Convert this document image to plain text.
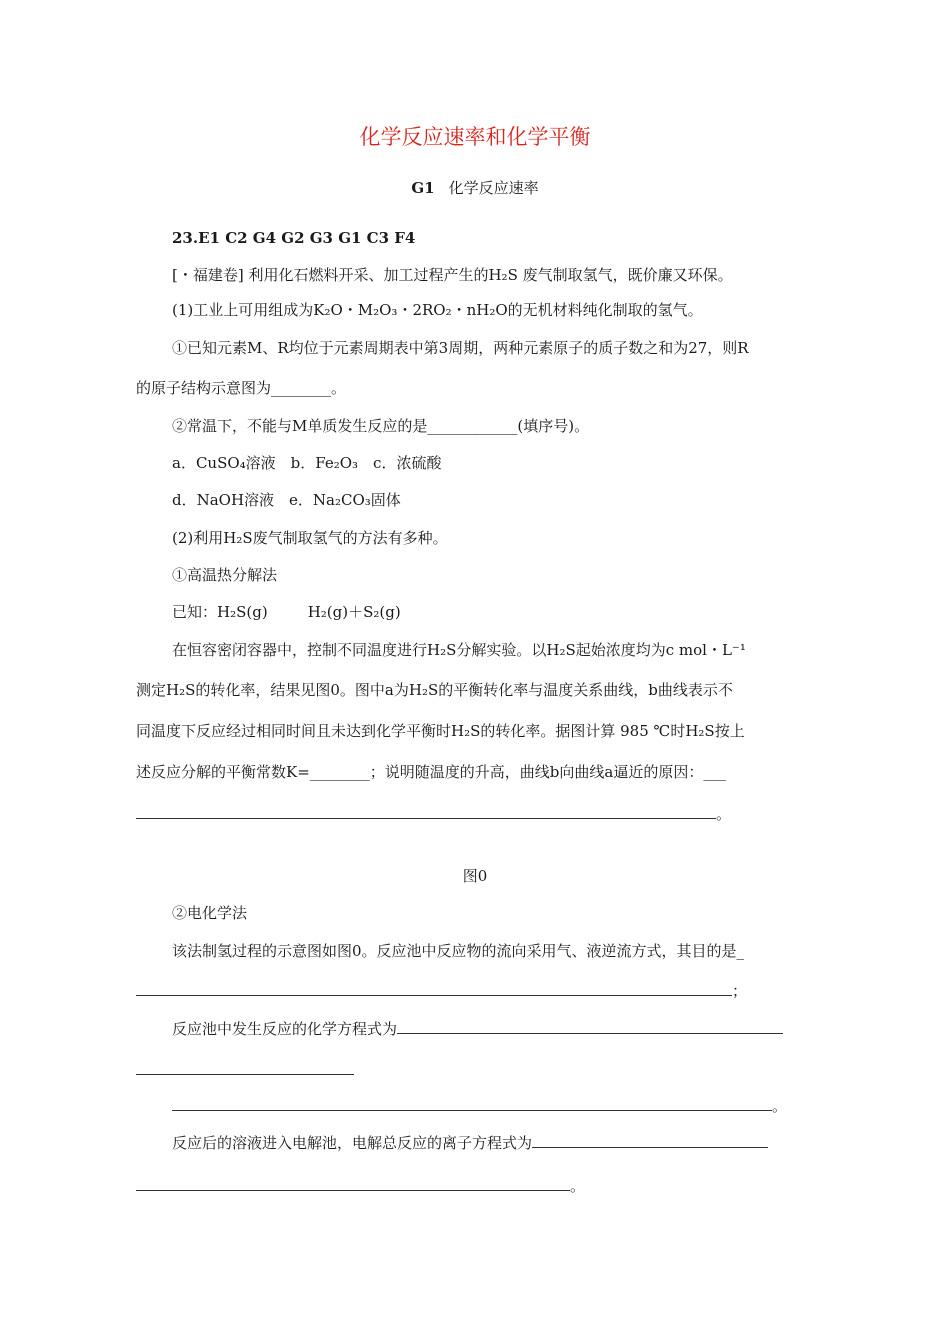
化学反应速率和化学平衡
G1 化学反应速率
23.E1 C2 G4 G2 G3 G1 C3 F4
[・福建卷] 利用化石燃料开采、加工过程产生的H₂S 废气制取氢气，既价廉又环保。
(1)工业上可用组成为K₂O・M₂O₃・2RO₂・nH₂O的无机材料纯化制取的氢气。
①已知元素M、R均位于元素周期表中第3周期，两种元素原子的质子数之和为27，则R
的原子结构示意图为________。
②常温下，不能与M单质发生反应的是____________(填序号)。
a．CuSO₄溶液　b．Fe₂O₃　c．浓硫酸
d．NaOH溶液　e．Na₂CO₃固体
(2)利用H₂S废气制取氢气的方法有多种。
①高温热分解法
已知：H₂S(g)	H₂(g)＋S₂(g)
在恒容密闭容器中，控制不同温度进行H₂S分解实验。以H₂S起始浓度均为c mol・L⁻¹
测定H₂S的转化率，结果见图0。图中a为H₂S的平衡转化率与温度关系曲线，b曲线表示不
同温度下反应经过相同时间且未达到化学平衡时H₂S的转化率。据图计算 985 ℃时H₂S按上
述反应分解的平衡常数K=________；说明随温度的升高，曲线b向曲线a逼近的原因：___
。
图0
②电化学法
该法制氢过程的示意图如图0。反应池中反应物的流向采用气、液逆流方式，其目的是_
；
反应池中发生反应的化学方程式为
。
反应后的溶液进入电解池，电解总反应的离子方程式为
。
